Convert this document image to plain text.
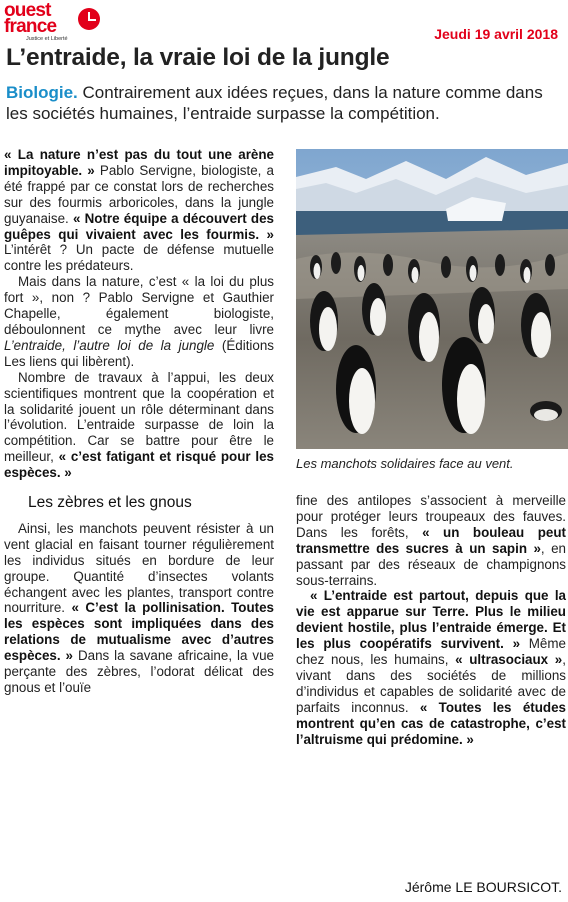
ouest
france
Justice et Liberté	Jeudi 19 avril 2018
L’entraide, la vraie loi de la jungle

Biologie. Contrairement aux idées reçues, dans la nature comme dans les sociétés humaines, l’entraide surpasse la compétition.

« La nature n’est pas du tout une arène impitoyable. » Pablo Servigne, biologiste, a été frappé par ce constat lors de recherches sur des fourmis arboricoles, dans la jungle guyanaise. « Notre équipe a découvert des guêpes qui vivaient avec les fourmis. » L’intérêt ? Un pacte de défense mutuelle contre les prédateurs.

Mais dans la nature, c’est « la loi du plus fort », non ? Pablo Servigne et Gauthier Chapelle, également biologiste, déboulonnent ce mythe avec leur livre L’entraide, l’autre loi de la jungle (Éditions Les liens qui libèrent).

Nombre de travaux à l’appui, les deux scientifiques montrent que la coopération et la solidarité jouent un rôle déterminant dans l’évolution. L’entraide surpasse de loin la compétition. Car se battre pour être le meilleur, « c’est fatigant et risqué pour les espèces. »

Les zèbres et les gnous

Ainsi, les manchots peuvent résister à un vent glacial en faisant tourner régulièrement les individus situés en bordure de leur groupe. Quantité d’insectes volants échangent avec les plantes, transport contre nourriture. « C’est la pollinisation. Toutes les espèces sont impliquées dans des relations de mutualisme avec d’autres espèces. » Dans la savane africaine, la vue perçante des zèbres, l’odorat délicat des gnous et l’ouïe

Les manchots solidaires face au vent.

fine des antilopes s’associent à merveille pour protéger leurs troupeaux des fauves. Dans les forêts, « un bouleau peut transmettre des sucres à un sapin », en passant par des réseaux de champignons sous-terrains.

« L’entraide est partout, depuis que la vie est apparue sur Terre. Plus le milieu devient hostile, plus l’entraide émerge. Et les plus coopératifs survivent. » Même chez nous, les humains, « ultrasociaux », vivant dans des sociétés de millions d’individus et capables de solidarité avec de parfaits inconnus. « Toutes les études montrent qu’en cas de catastrophe, c’est l’altruisme qui prédomine. »

Jérôme LE BOURSICOT.
